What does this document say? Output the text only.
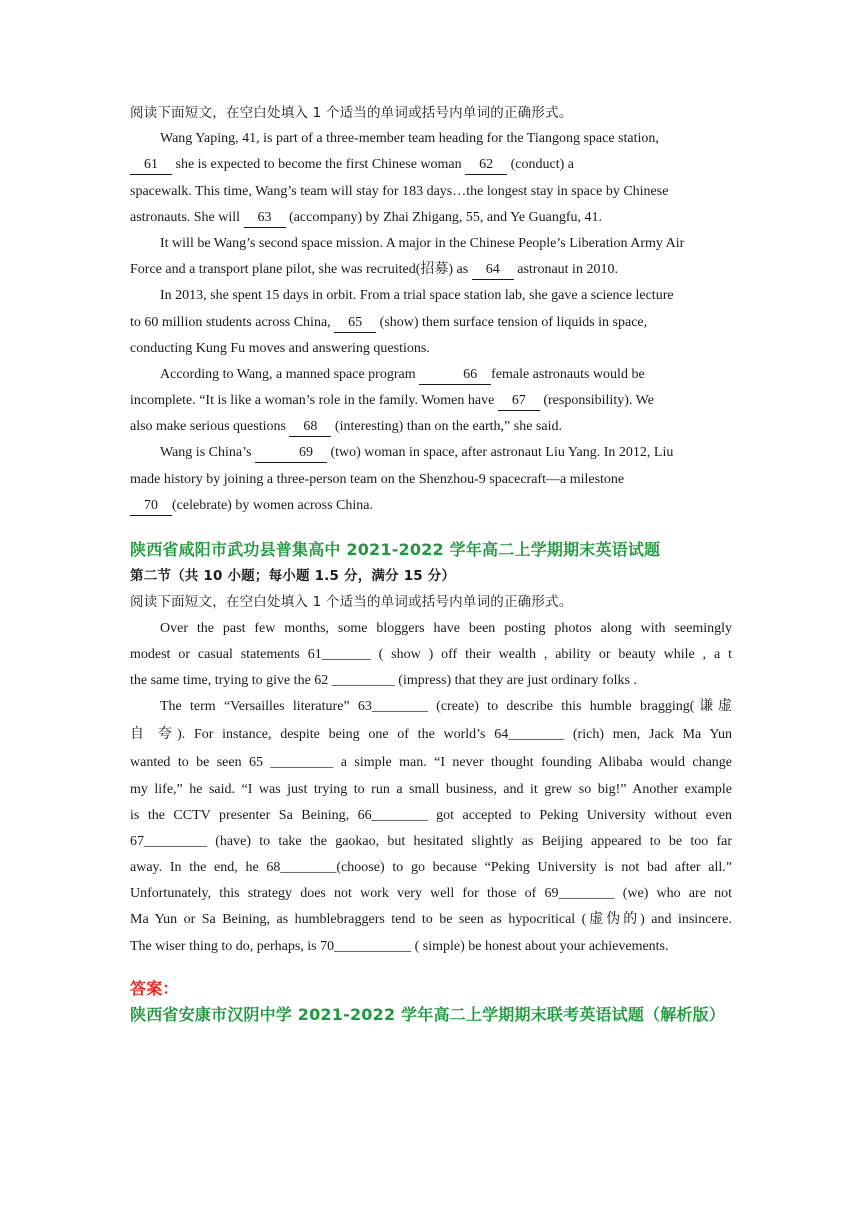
阅读下面短文，在空白处填入 1 个适当的单词或括号内单词的正确形式。
Wang Yaping, 41, is part of a three-member team heading for the Tiangong space station,
61 she is expected to become the first Chinese woman 62 (conduct) a
spacewalk. This time, Wang’s team will stay for 183 days…the longest stay in space by Chinese
astronauts. She will 63 (accompany) by Zhai Zhigang, 55, and Ye Guangfu, 41.
It will be Wang’s second space mission. A major in the Chinese People’s Liberation Army Air
Force and a transport plane pilot, she was recruited(招募) as 64 astronaut in 2010.
In 2013, she spent 15 days in orbit. From a trial space station lab, she gave a science lecture
to 60 million students across China, 65 (show) them surface tension of liquids in space,
conducting Kung Fu moves and answering questions.
According to Wang, a manned space program	66 female astronauts would be
incomplete. “It is like a woman’s role in the family. Women have 67 (responsibility). We
also make serious questions 68 (interesting) than on the earth,” she said.
Wang is China’s	69 (two) woman in space, after astronaut Liu Yang. In 2012, Liu
made history by joining a three-person team on the Shenzhou-9 spacecraft—a milestone
70 (celebrate) by women across China.
陕西省咸阳市武功县普集高中 2021-2022 学年高二上学期期末英语试题
第二节（共 10 小题；每小题 1.5 分，满分 15 分）
阅读下面短文，在空白处填入 1 个适当的单词或括号内单词的正确形式。
Over the past few months, some bloggers have been posting photos along with seemingly
modest or casual statements 61_______ ( show ) off their wealth , ability or beauty while , a t
the same time, trying to give the 62 _________ (impress) that they are just ordinary folks .
The term “Versailles literature” 63________ (create) to describe this humble bragging(谦虚
自 夸). For instance, despite being one of the world’s 64________ (rich) men, Jack Ma Yun
wanted to be seen 65 _________ a simple man. “I never thought founding Alibaba would change
my life,” he said. “I was just trying to run a small business, and it grew so big!” Another example
is the CCTV presenter Sa Beining, 66________ got accepted to Peking University without even
67_________ (have) to take the gaokao, but hesitated slightly as Beijing appeared to be too far
away. In the end, he 68________(choose) to go because “Peking University is not bad after all.”
Unfortunately, this strategy does not work very well for those of 69________ (we) who are not
Ma Yun or Sa Beining, as humblebraggers tend to be seen as hypocritical (虚伪的) and insincere.
The wiser thing to do, perhaps, is 70___________ ( simple) be honest about your achievements.
答案：
陕西省安康市汉阴中学 2021-2022 学年高二上学期期末联考英语试题（解析版）
